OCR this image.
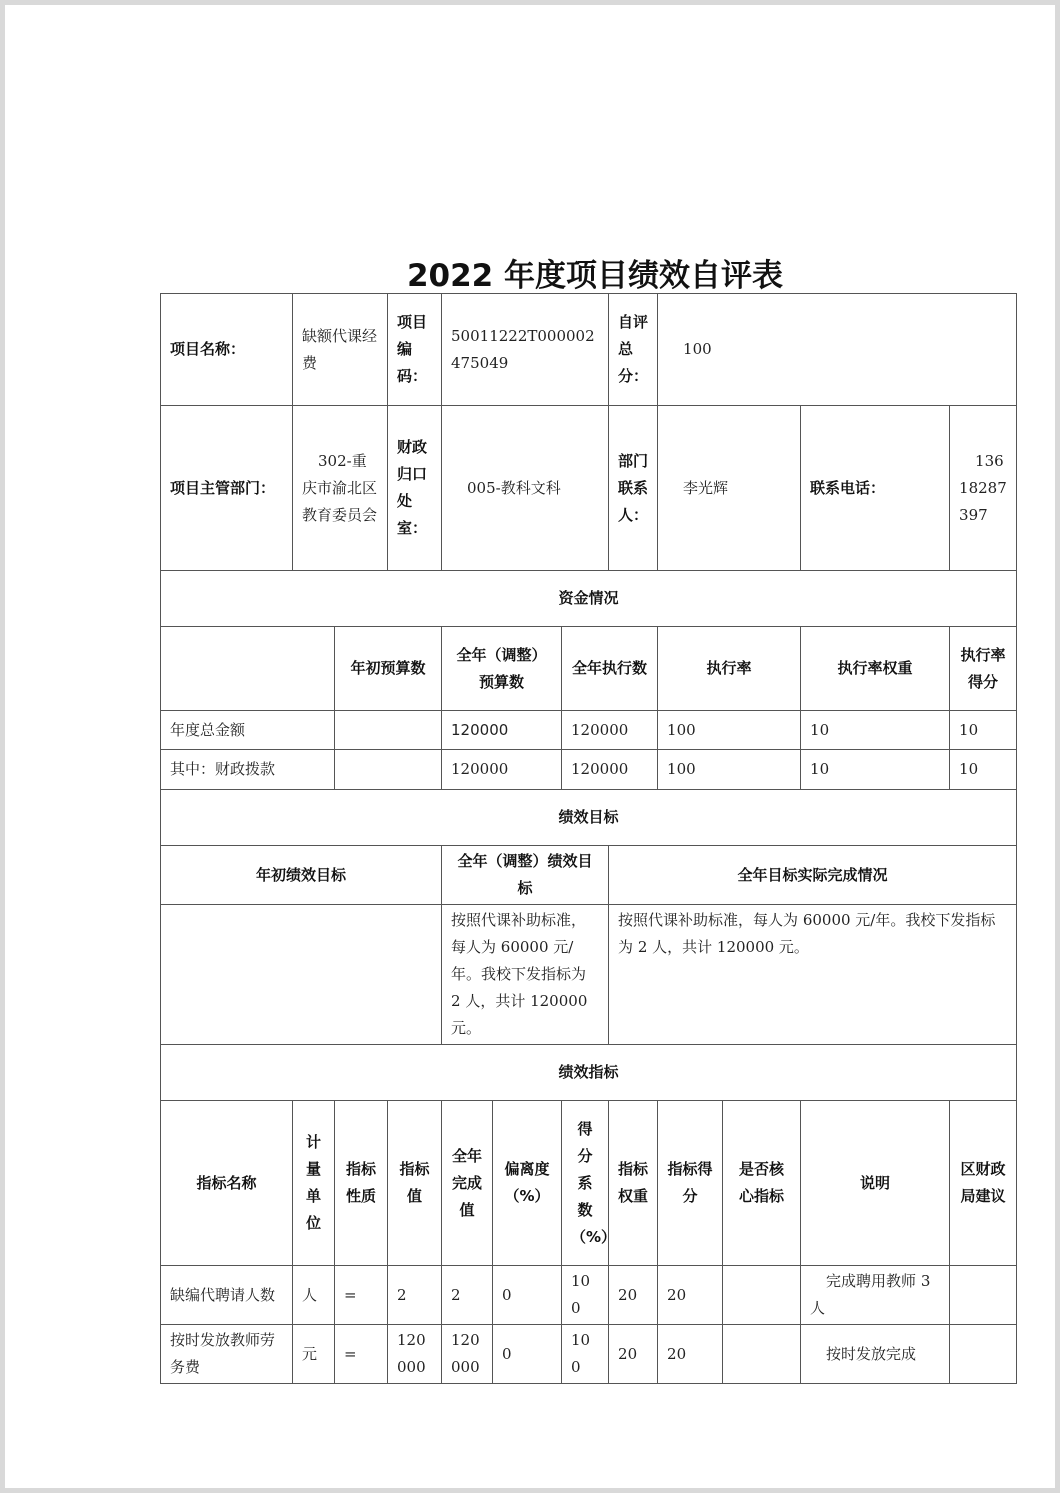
2022 年度项目绩效自评表
项目名称：	缺额代课经费		项目编码：	50011222T000002475049			自评总分：	100			
项目主管部门：	302-重庆市渝北区教育委员会		财政归口处室：	005-教科文科			部门联系人：	李光辉		联系电话：	13618287397
资金情况											
		年初预算数		全年（调整）预算数		全年执行数		执行率		执行率权重	执行率得分
年度总金额				120000		120000		100		10	10
其中：财政拨款				120000		120000		100		10	10
绩效目标											
年初绩效目标				全年（调整）绩效目标			全年目标实际完成情况				
				按照代课补助标准，每人为 60000 元/年。我校下发指标为 2 人，共计 120000 元。			按照代课补助标准，每人为 60000 元/年。我校下发指标为 2 人，共计 120000 元。				
绩效指标											
指标名称	计量单位	指标性质	指标值	全年完成值	偏离度（%）	得分系数（%）	指标权重	指标得分	是否核心指标	说明	区财政局建议
缺编代聘请人数	人	=	2	2	0	100	20	20		完成聘用教师 3 人	
按时发放教师劳务费	元	=	120000	120000	0	100	20	20		按时发放完成	
